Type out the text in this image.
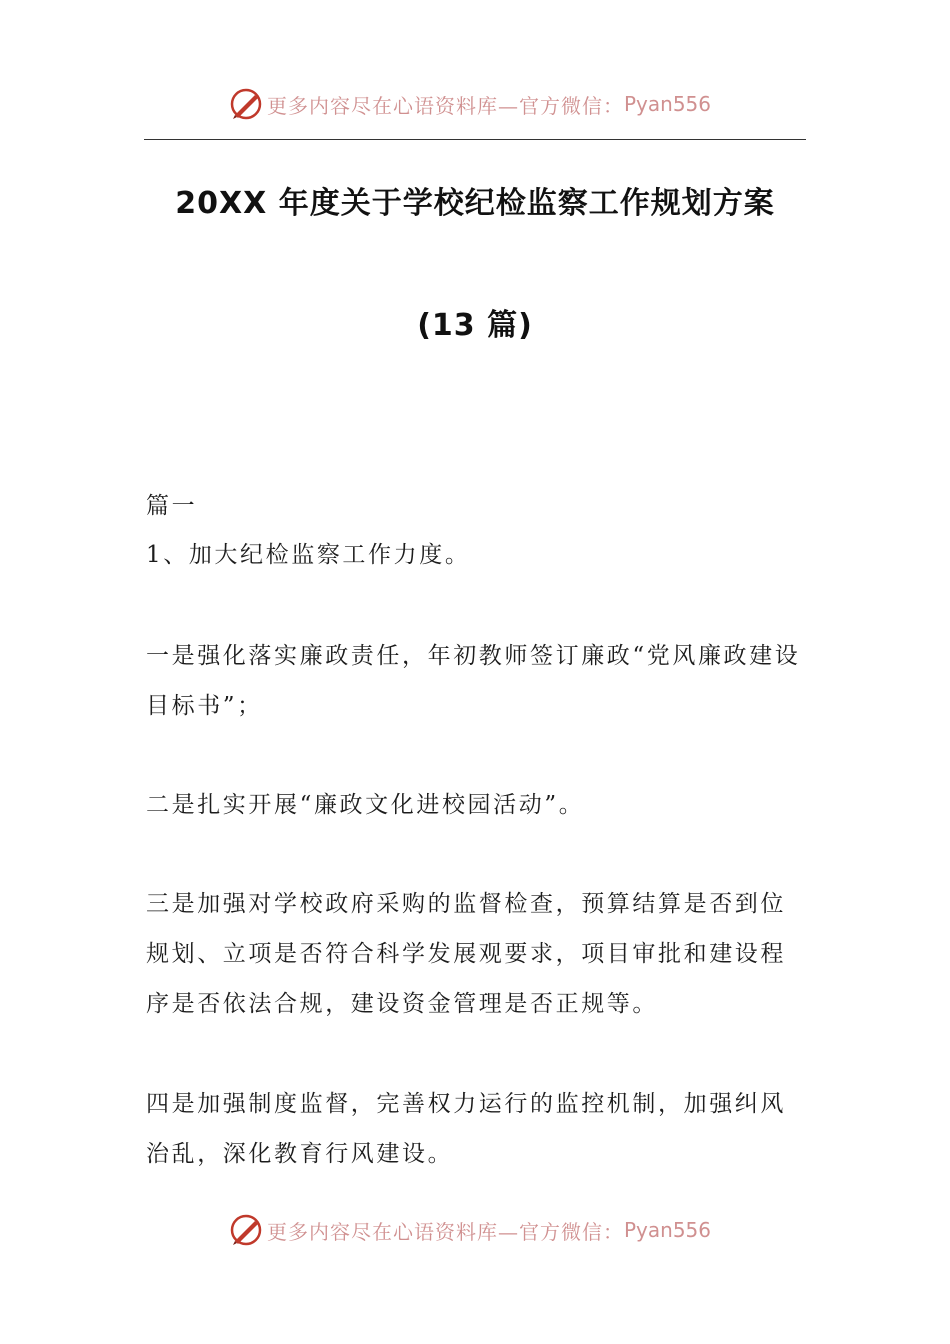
更多内容尽在心语资料库—官方微信： Pyan556
20XX 年度关于学校纪检监察工作规划方案
(13 篇)
篇一
1、加大纪检监察工作力度。
一是强化落实廉政责任，年初教师签订廉政“党风廉政建设目标书”；
二是扎实开展“廉政文化进校园活动”。
三是加强对学校政府采购的监督检查，预算结算是否到位规划、立项是否符合科学发展观要求，项目审批和建设程序是否依法合规，建设资金管理是否正规等。
四是加强制度监督，完善权力运行的监控机制，加强纠风治乱，深化教育行风建设。
更多内容尽在心语资料库—官方微信： Pyan556
